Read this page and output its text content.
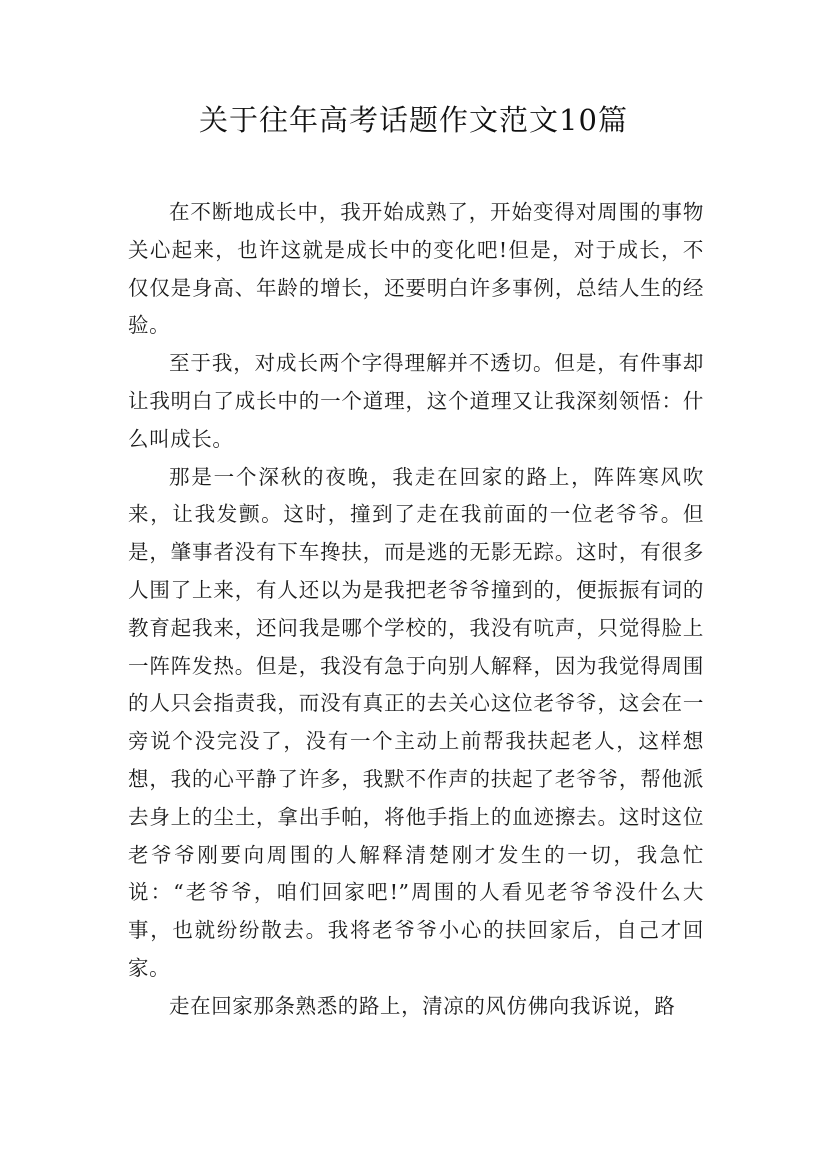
关于往年高考话题作文范文10篇

在不断地成长中，我开始成熟了，开始变得对周围的事物关心起来，也许这就是成长中的变化吧!但是，对于成长，不仅仅是身高、年龄的增长，还要明白许多事例，总结人生的经验。

至于我，对成长两个字得理解并不透切。但是，有件事却让我明白了成长中的一个道理，这个道理又让我深刻领悟：什么叫成长。

那是一个深秋的夜晚，我走在回家的路上，阵阵寒风吹来，让我发颤。这时，撞到了走在我前面的一位老爷爷。但是，肇事者没有下车搀扶，而是逃的无影无踪。这时，有很多人围了上来，有人还以为是我把老爷爷撞到的，便振振有词的教育起我来，还问我是哪个学校的，我没有吭声，只觉得脸上一阵阵发热。但是，我没有急于向别人解释，因为我觉得周围的人只会指责我，而没有真正的去关心这位老爷爷，这会在一旁说个没完没了，没有一个主动上前帮我扶起老人，这样想想，我的心平静了许多，我默不作声的扶起了老爷爷，帮他派去身上的尘土，拿出手帕，将他手指上的血迹擦去。这时这位老爷爷刚要向周围的人解释清楚刚才发生的一切，我急忙说：“老爷爷，咱们回家吧!”周围的人看见老爷爷没什么大事，也就纷纷散去。我将老爷爷小心的扶回家后，自己才回家。

走在回家那条熟悉的路上，清凉的风仿佛向我诉说，路
